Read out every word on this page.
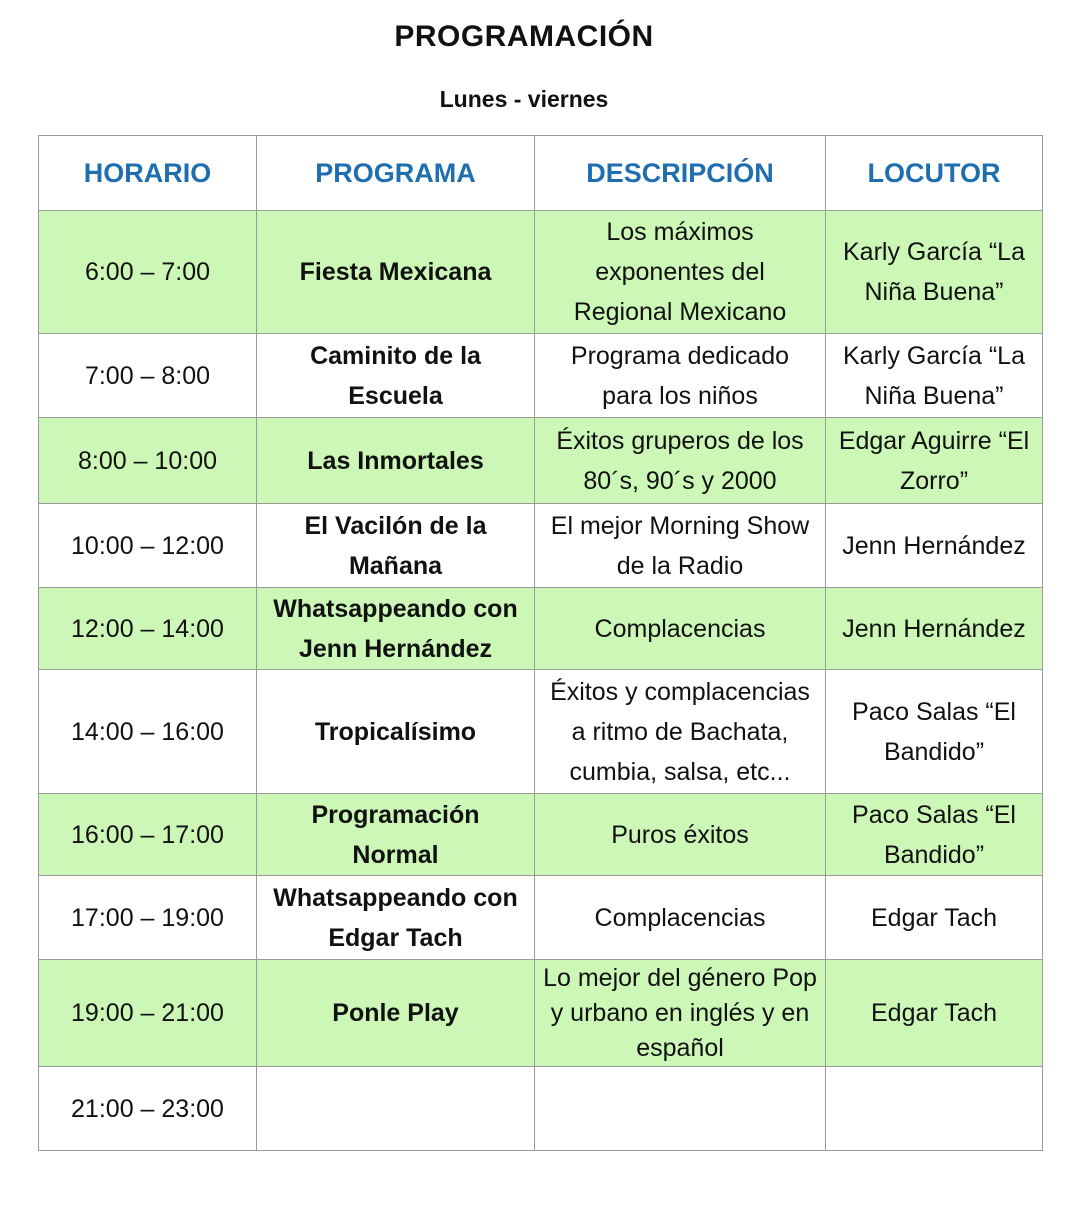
PROGRAMACIÓN
Lunes - viernes
HORARIO	PROGRAMA	DESCRIPCIÓN	LOCUTOR
6:00 – 7:00	Fiesta Mexicana	Los máximos exponentes del Regional Mexicano	Karly García “La Niña Buena”
7:00 – 8:00	Caminito de la Escuela	Programa dedicado para los niños	Karly García “La Niña Buena”
8:00 – 10:00	Las Inmortales	Éxitos gruperos de los 80´s, 90´s y 2000	Edgar Aguirre “El Zorro”
10:00 – 12:00	El Vacilón de la Mañana	El mejor Morning Show de la Radio	Jenn Hernández
12:00 – 14:00	Whatsappeando con Jenn Hernández	Complacencias	Jenn Hernández
14:00 – 16:00	Tropicalísimo	Éxitos y complacencias a ritmo de Bachata, cumbia, salsa, etc...	Paco Salas “El Bandido”
16:00 – 17:00	Programación Normal	Puros éxitos	Paco Salas “El Bandido”
17:00 – 19:00	Whatsappeando con Edgar Tach	Complacencias	Edgar Tach
19:00 – 21:00	Ponle Play	Lo mejor del género Pop y urbano en inglés y en español	Edgar Tach
21:00 – 23:00			
